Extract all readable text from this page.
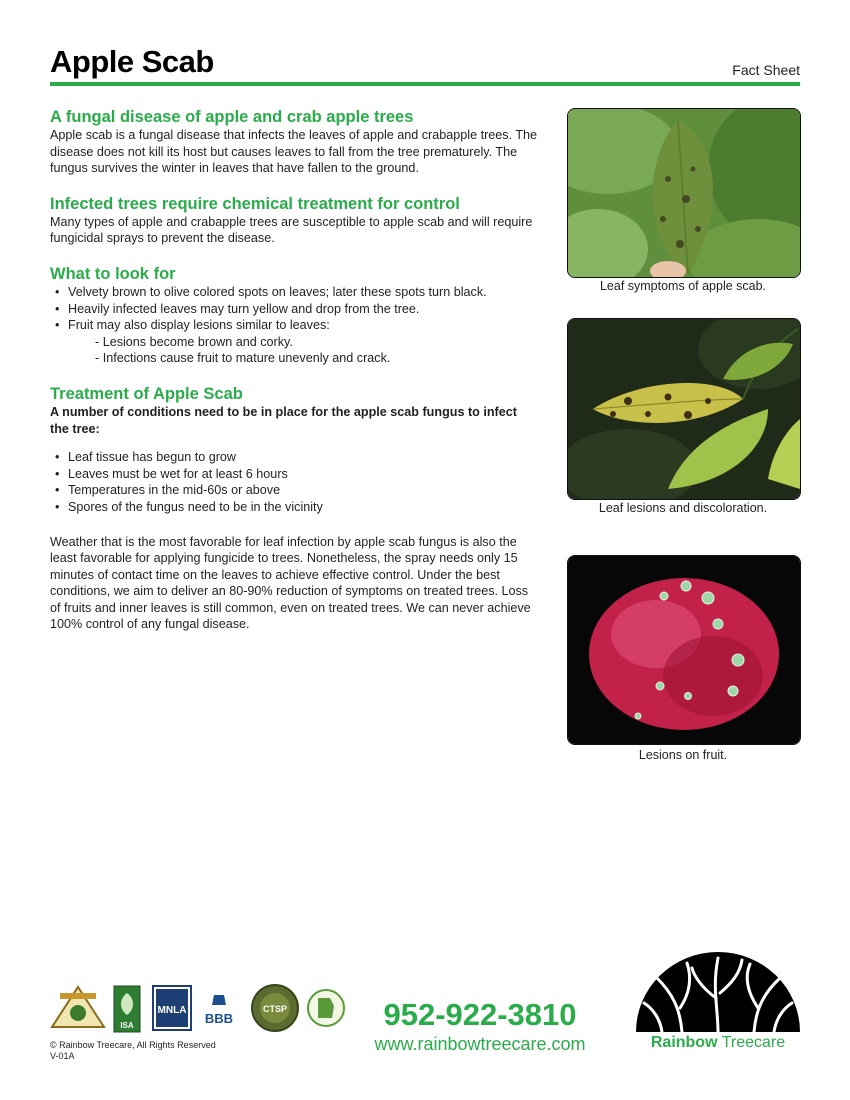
Apple Scab	Fact Sheet
A fungal disease of apple and crab apple trees

Apple scab is a fungal disease that infects the leaves of apple and crabapple trees. The disease does not kill its host but causes leaves to fall from the tree prematurely. The fungus survives the winter in leaves that have fallen to the ground.

Infected trees require chemical treatment for control

Many types of apple and crabapple trees are susceptible to apple scab and will require fungicidal sprays to prevent the disease.

What to look for
• Velvety brown to olive colored spots on leaves; later these spots turn black.
• Heavily infected leaves may turn yellow and drop from the tree.
• Fruit may also display lesions similar to leaves:
- Lesions become brown and corky.
- Infections cause fruit to mature unevenly and crack.
Treatment of Apple Scab

A number of conditions need to be in place for the apple scab fungus to infect the tree:

• Leaf tissue has begun to grow
• Leaves must be wet for at least 6 hours
• Temperatures in the mid-60s or above
• Spores of the fungus need to be in the vicinity

Weather that is the most favorable for leaf infection by apple scab fungus is also the least favorable for applying fungicide to trees. Nonetheless, the spray needs only 15 minutes of contact time on the leaves to achieve effective control. Under the best conditions, we aim to deliver an 80-90% reduction of symptoms on treated trees. Loss of fruits and inner leaves is still common, even on treated trees. We can never achieve 100% control of any fungal disease.

Leaf symptoms of apple scab.
Leaf lesions and discoloration.
Lesions on fruit.
ISA
MNLA
BBB
CTSP
© Rainbow Treecare, All Rights Reserved
V-01A
952-922-3810
www.rainbowtreecare.com	Rainbow Treecare
